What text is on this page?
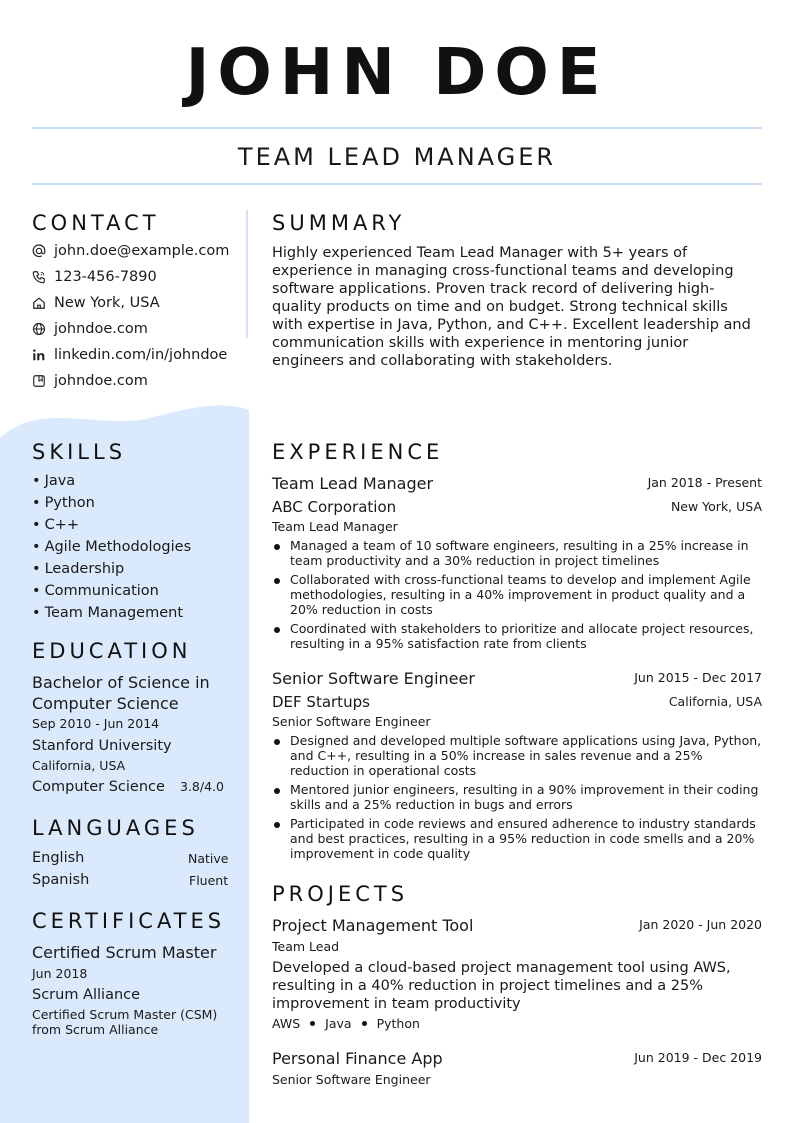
JOHN DOE
TEAM LEAD MANAGER
CONTACT
john.doe@example.com
123-456-7890
New York, USA
johndoe.com
linkedin.com/in/johndoe
johndoe.com
SUMMARY
Highly experienced Team Lead Manager with 5+ years of experience in managing cross-functional teams and developing software applications. Proven track record of delivering high-quality products on time and on budget. Strong technical skills with expertise in Java, Python, and C++. Excellent leadership and communication skills with experience in mentoring junior engineers and collaborating with stakeholders.
SKILLS
• Java
• Python
• C++
• Agile Methodologies
• Leadership
• Communication
• Team Management
EDUCATION
Bachelor of Science in Computer Science
Sep 2010 - Jun 2014
Stanford University
California, USA
Computer Science 3.8/4.0
LANGUAGES
English	Native
Spanish	Fluent
CERTIFICATES
Certified Scrum Master
Jun 2018
Scrum Alliance
Certified Scrum Master (CSM) from Scrum Alliance
EXPERIENCE
Team Lead Manager	Jan 2018 - Present
ABC Corporation	New York, USA
Team Lead Manager
Managed a team of 10 software engineers, resulting in a 25% increase in team productivity and a 30% reduction in project timelines
Collaborated with cross-functional teams to develop and implement Agile methodologies, resulting in a 40% improvement in product quality and a 20% reduction in costs
Coordinated with stakeholders to prioritize and allocate project resources, resulting in a 95% satisfaction rate from clients
Senior Software Engineer	Jun 2015 - Dec 2017
DEF Startups	California, USA
Senior Software Engineer
Designed and developed multiple software applications using Java, Python, and C++, resulting in a 50% increase in sales revenue and a 25% reduction in operational costs
Mentored junior engineers, resulting in a 90% improvement in their coding skills and a 25% reduction in bugs and errors
Participated in code reviews and ensured adherence to industry standards and best practices, resulting in a 95% reduction in code smells and a 20% improvement in code quality
PROJECTS
Project Management Tool	Jan 2020 - Jun 2020
Team Lead
Developed a cloud-based project management tool using AWS, resulting in a 40% reduction in project timelines and a 25% improvement in team productivity
AWS Java Python
Personal Finance App	Jun 2019 - Dec 2019
Senior Software Engineer
